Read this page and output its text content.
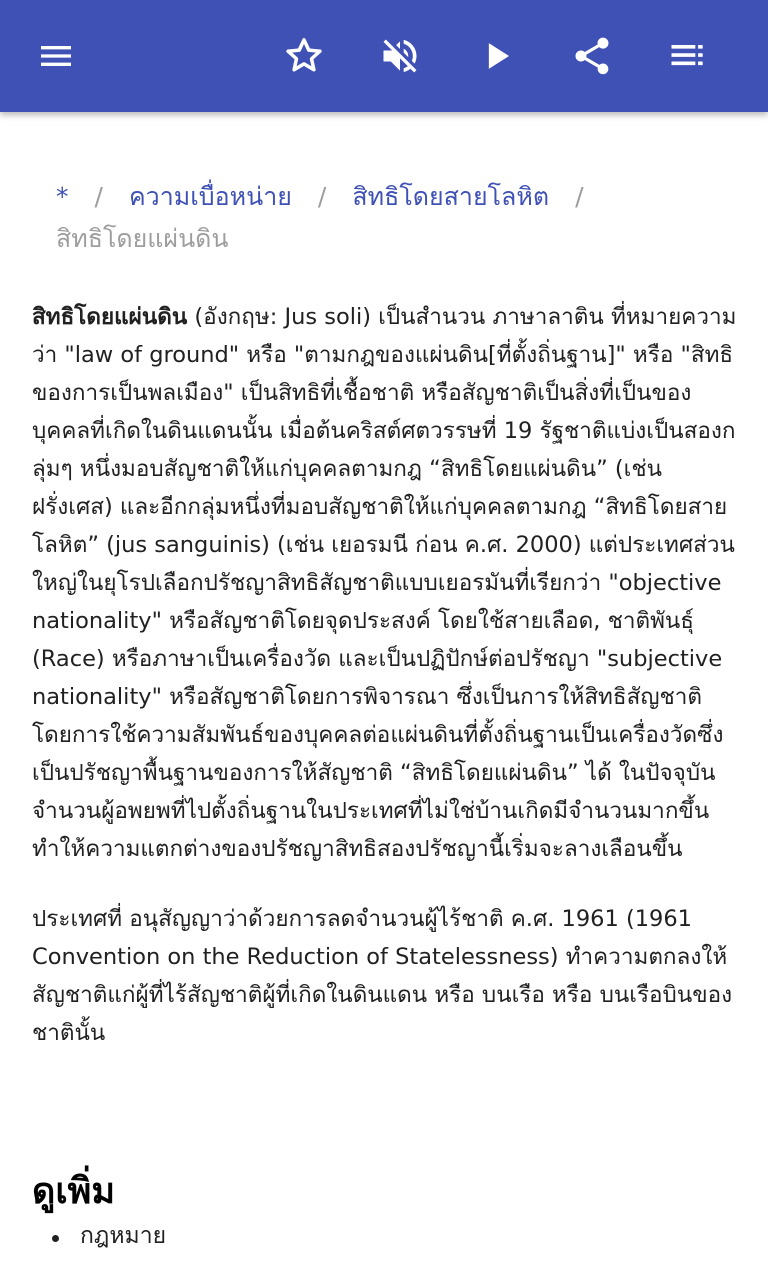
* / ความเบื่อหน่าย / สิทธิโดยสายโลหิต /
สิทธิโดยแผ่นดิน

สิทธิโดยแผ่นดิน (อังกฤษ: Jus soli) เป็นสำนวน ภาษาลาติน ที่หมายความว่า "law of ground" หรือ "ตามกฎของแผ่นดิน[ที่ตั้งถิ่นฐาน]" หรือ "สิทธิของการเป็นพลเมือง" เป็นสิทธิที่เชื้อชาติ หรือสัญชาติเป็นสิ่งที่เป็นของบุคคลที่เกิดในดินแดนนั้น เมื่อต้นคริสต์ศตวรรษที่ 19 รัฐชาติแบ่งเป็นสองกลุ่มๆ หนึ่งมอบสัญชาติให้แก่บุคคลตามกฎ “สิทธิโดยแผ่นดิน” (เช่น ฝรั่งเศส) และอีกกลุ่มหนึ่งที่มอบสัญชาติให้แก่บุคคลตามกฎ “สิทธิโดยสายโลหิต” (jus sanguinis) (เช่น เยอรมนี ก่อน ค.ศ. 2000) แต่ประเทศส่วนใหญ่ในยุโรปเลือกปรัชญาสิทธิสัญชาติแบบเยอรมันที่เรียกว่า "objective nationality" หรือสัญชาติโดยจุดประสงค์ โดยใช้สายเลือด, ชาติพันธุ์ (Race) หรือภาษาเป็นเครื่องวัด และเป็นปฏิปักษ์ต่อปรัชญา "subjective nationality" หรือสัญชาติโดยการพิจารณา ซึ่งเป็นการให้สิทธิสัญชาติโดยการใช้ความสัมพันธ์ของบุคคลต่อแผ่นดินที่ตั้งถิ่นฐานเป็นเครื่องวัดซึ่งเป็นปรัชญาพื้นฐานของการให้สัญชาติ “สิทธิโดยแผ่นดิน” ได้ ในปัจจุบันจำนวนผู้อพยพที่ไปตั้งถิ่นฐานในประเทศที่ไม่ใช่บ้านเกิดมีจำนวนมากขึ้นทำให้ความแตกต่างของปรัชญาสิทธิสองปรัชญานี้เริ่มจะลางเลือนขึ้น

ประเทศที่ อนุสัญญาว่าด้วยการลดจำนวนผู้ไร้ชาติ ค.ศ. 1961 (1961 Convention on the Reduction of Statelessness) ทำความตกลงให้สัญชาติแก่ผู้ที่ไร้สัญชาติผู้ที่เกิดในดินแดน หรือ บนเรือ หรือ บนเรือบินของชาตินั้น

ดูเพิ่ม
กฎหมาย
